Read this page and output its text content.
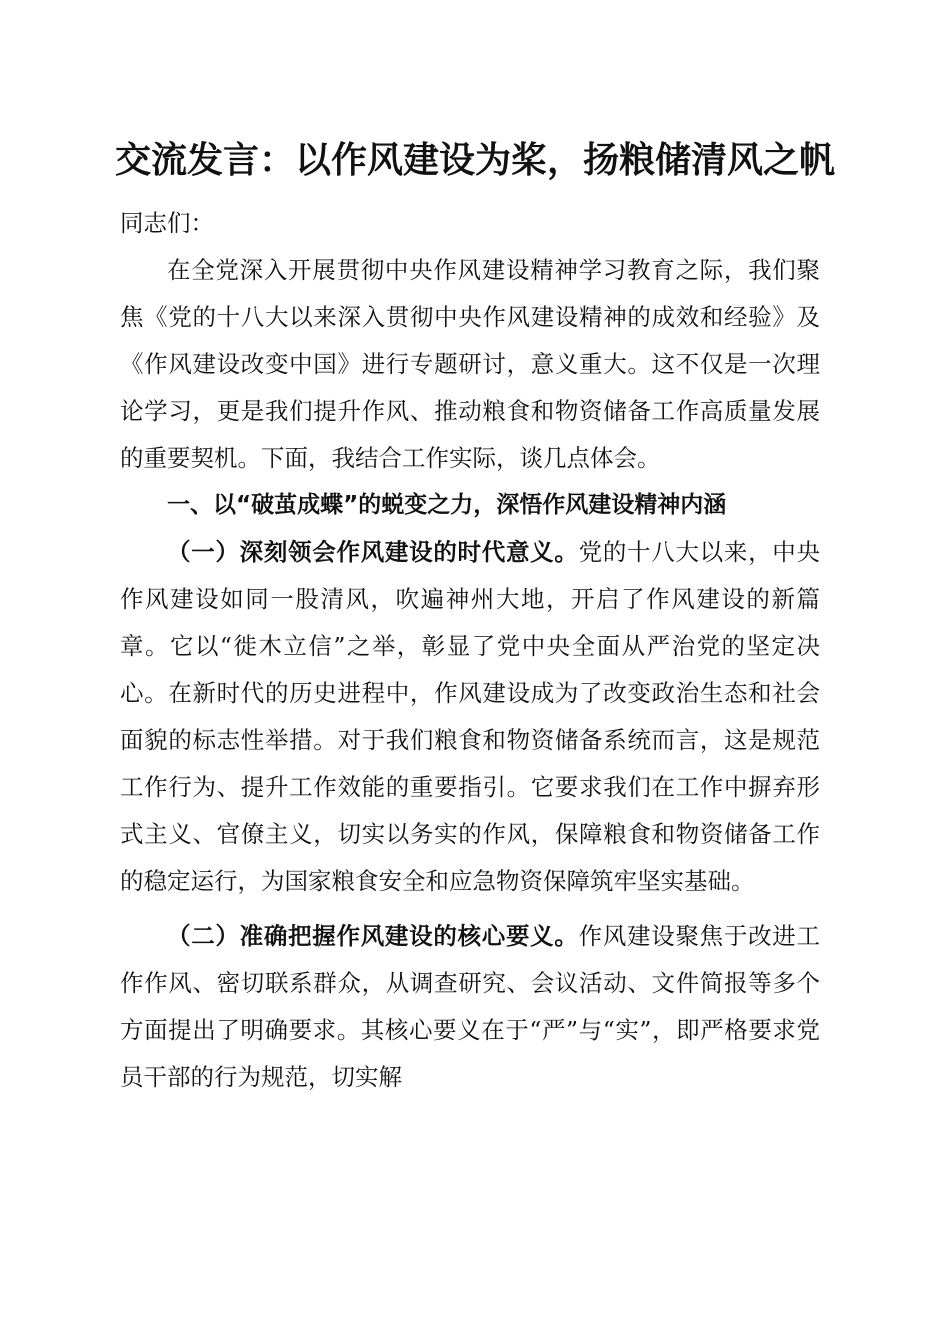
交流发言：以作风建设为桨，扬粮储清风之帆

同志们：

在全党深入开展贯彻中央作风建设精神学习教育之际，我们聚焦《党的十八大以来深入贯彻中央作风建设精神的成效和经验》及《作风建设改变中国》进行专题研讨，意义重大。这不仅是一次理论学习，更是我们提升作风、推动粮食和物资储备工作高质量发展的重要契机。下面，我结合工作实际，谈几点体会。

一、以“破茧成蝶”的蜕变之力，深悟作风建设精神内涵

（一）深刻领会作风建设的时代意义。党的十八大以来，中央作风建设如同一股清风，吹遍神州大地，开启了作风建设的新篇章。它以“徙木立信”之举，彰显了党中央全面从严治党的坚定决心。在新时代的历史进程中，作风建设成为了改变政治生态和社会面貌的标志性举措。对于我们粮食和物资储备系统而言，这是规范工作行为、提升工作效能的重要指引。它要求我们在工作中摒弃形式主义、官僚主义，切实以务实的作风，保障粮食和物资储备工作的稳定运行，为国家粮食安全和应急物资保障筑牢坚实基础。

（二）准确把握作风建设的核心要义。作风建设聚焦于改进工作作风、密切联系群众，从调查研究、会议活动、文件简报等多个方面提出了明确要求。其核心要义在于“严”与“实”，即严格要求党员干部的行为规范，切实解
